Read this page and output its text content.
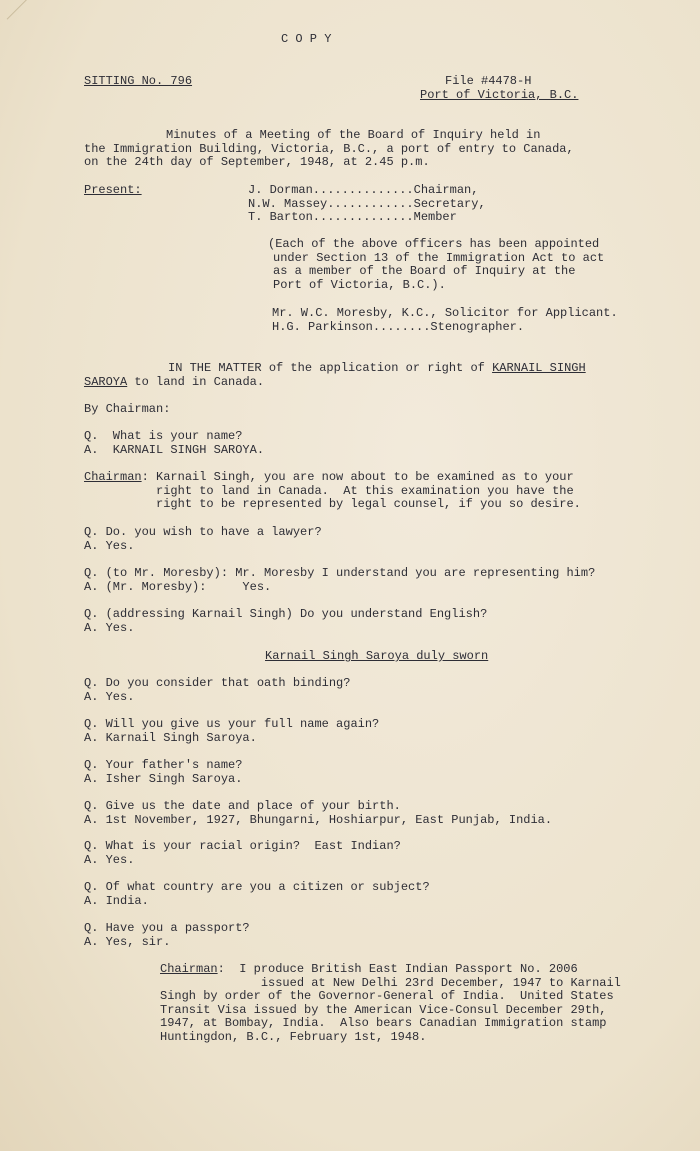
C O P Y
SITTING No. 796	File #4478-H
Port of Victoria, B.C.
Minutes of a Meeting of the Board of Inquiry held in
the Immigration Building, Victoria, B.C., a port of entry to Canada,
on the 24th day of September, 1948, at 2.45 p.m.
Present:	J. Dorman..............Chairman,
N.W. Massey............Secretary,
T. Barton..............Member
(Each of the above officers has been appointed
under Section 13 of the Immigration Act to act
as a member of the Board of Inquiry at the
Port of Victoria, B.C.).
Mr. W.C. Moresby, K.C., Solicitor for Applicant.
H.G. Parkinson........Stenographer.
IN THE MATTER of the application or right of KARNAIL SINGH
SAROYA to land in Canada.
By Chairman:
Q.  What is your name?
A.  KARNAIL SINGH SAROYA.
Chairman: Karnail Singh, you are now about to be examined as to your
right to land in Canada.  At this examination you have the
right to be represented by legal counsel, if you so desire.
Q. Do. you wish to have a lawyer?
A. Yes.
Q. (to Mr. Moresby): Mr. Moresby I understand you are representing him?
A. (Mr. Moresby):     Yes.
Q. (addressing Karnail Singh) Do you understand English?
A. Yes.
Karnail Singh Saroya duly sworn
Q. Do you consider that oath binding?
A. Yes.
Q. Will you give us your full name again?
A. Karnail Singh Saroya.
Q. Your father's name?
A. Isher Singh Saroya.
Q. Give us the date and place of your birth.
A. 1st November, 1927, Bhungarni, Hoshiarpur, East Punjab, India.
Q. What is your racial origin?  East Indian?
A. Yes.
Q. Of what country are you a citizen or subject?
A. India.
Q. Have you a passport?
A. Yes, sir.
Chairman:  I produce British East Indian Passport No. 2006
issued at New Delhi 23rd December, 1947 to Karnail
Singh by order of the Governor-General of India.  United States
Transit Visa issued by the American Vice-Consul December 29th,
1947, at Bombay, India.  Also bears Canadian Immigration stamp
Huntingdon, B.C., February 1st, 1948.
